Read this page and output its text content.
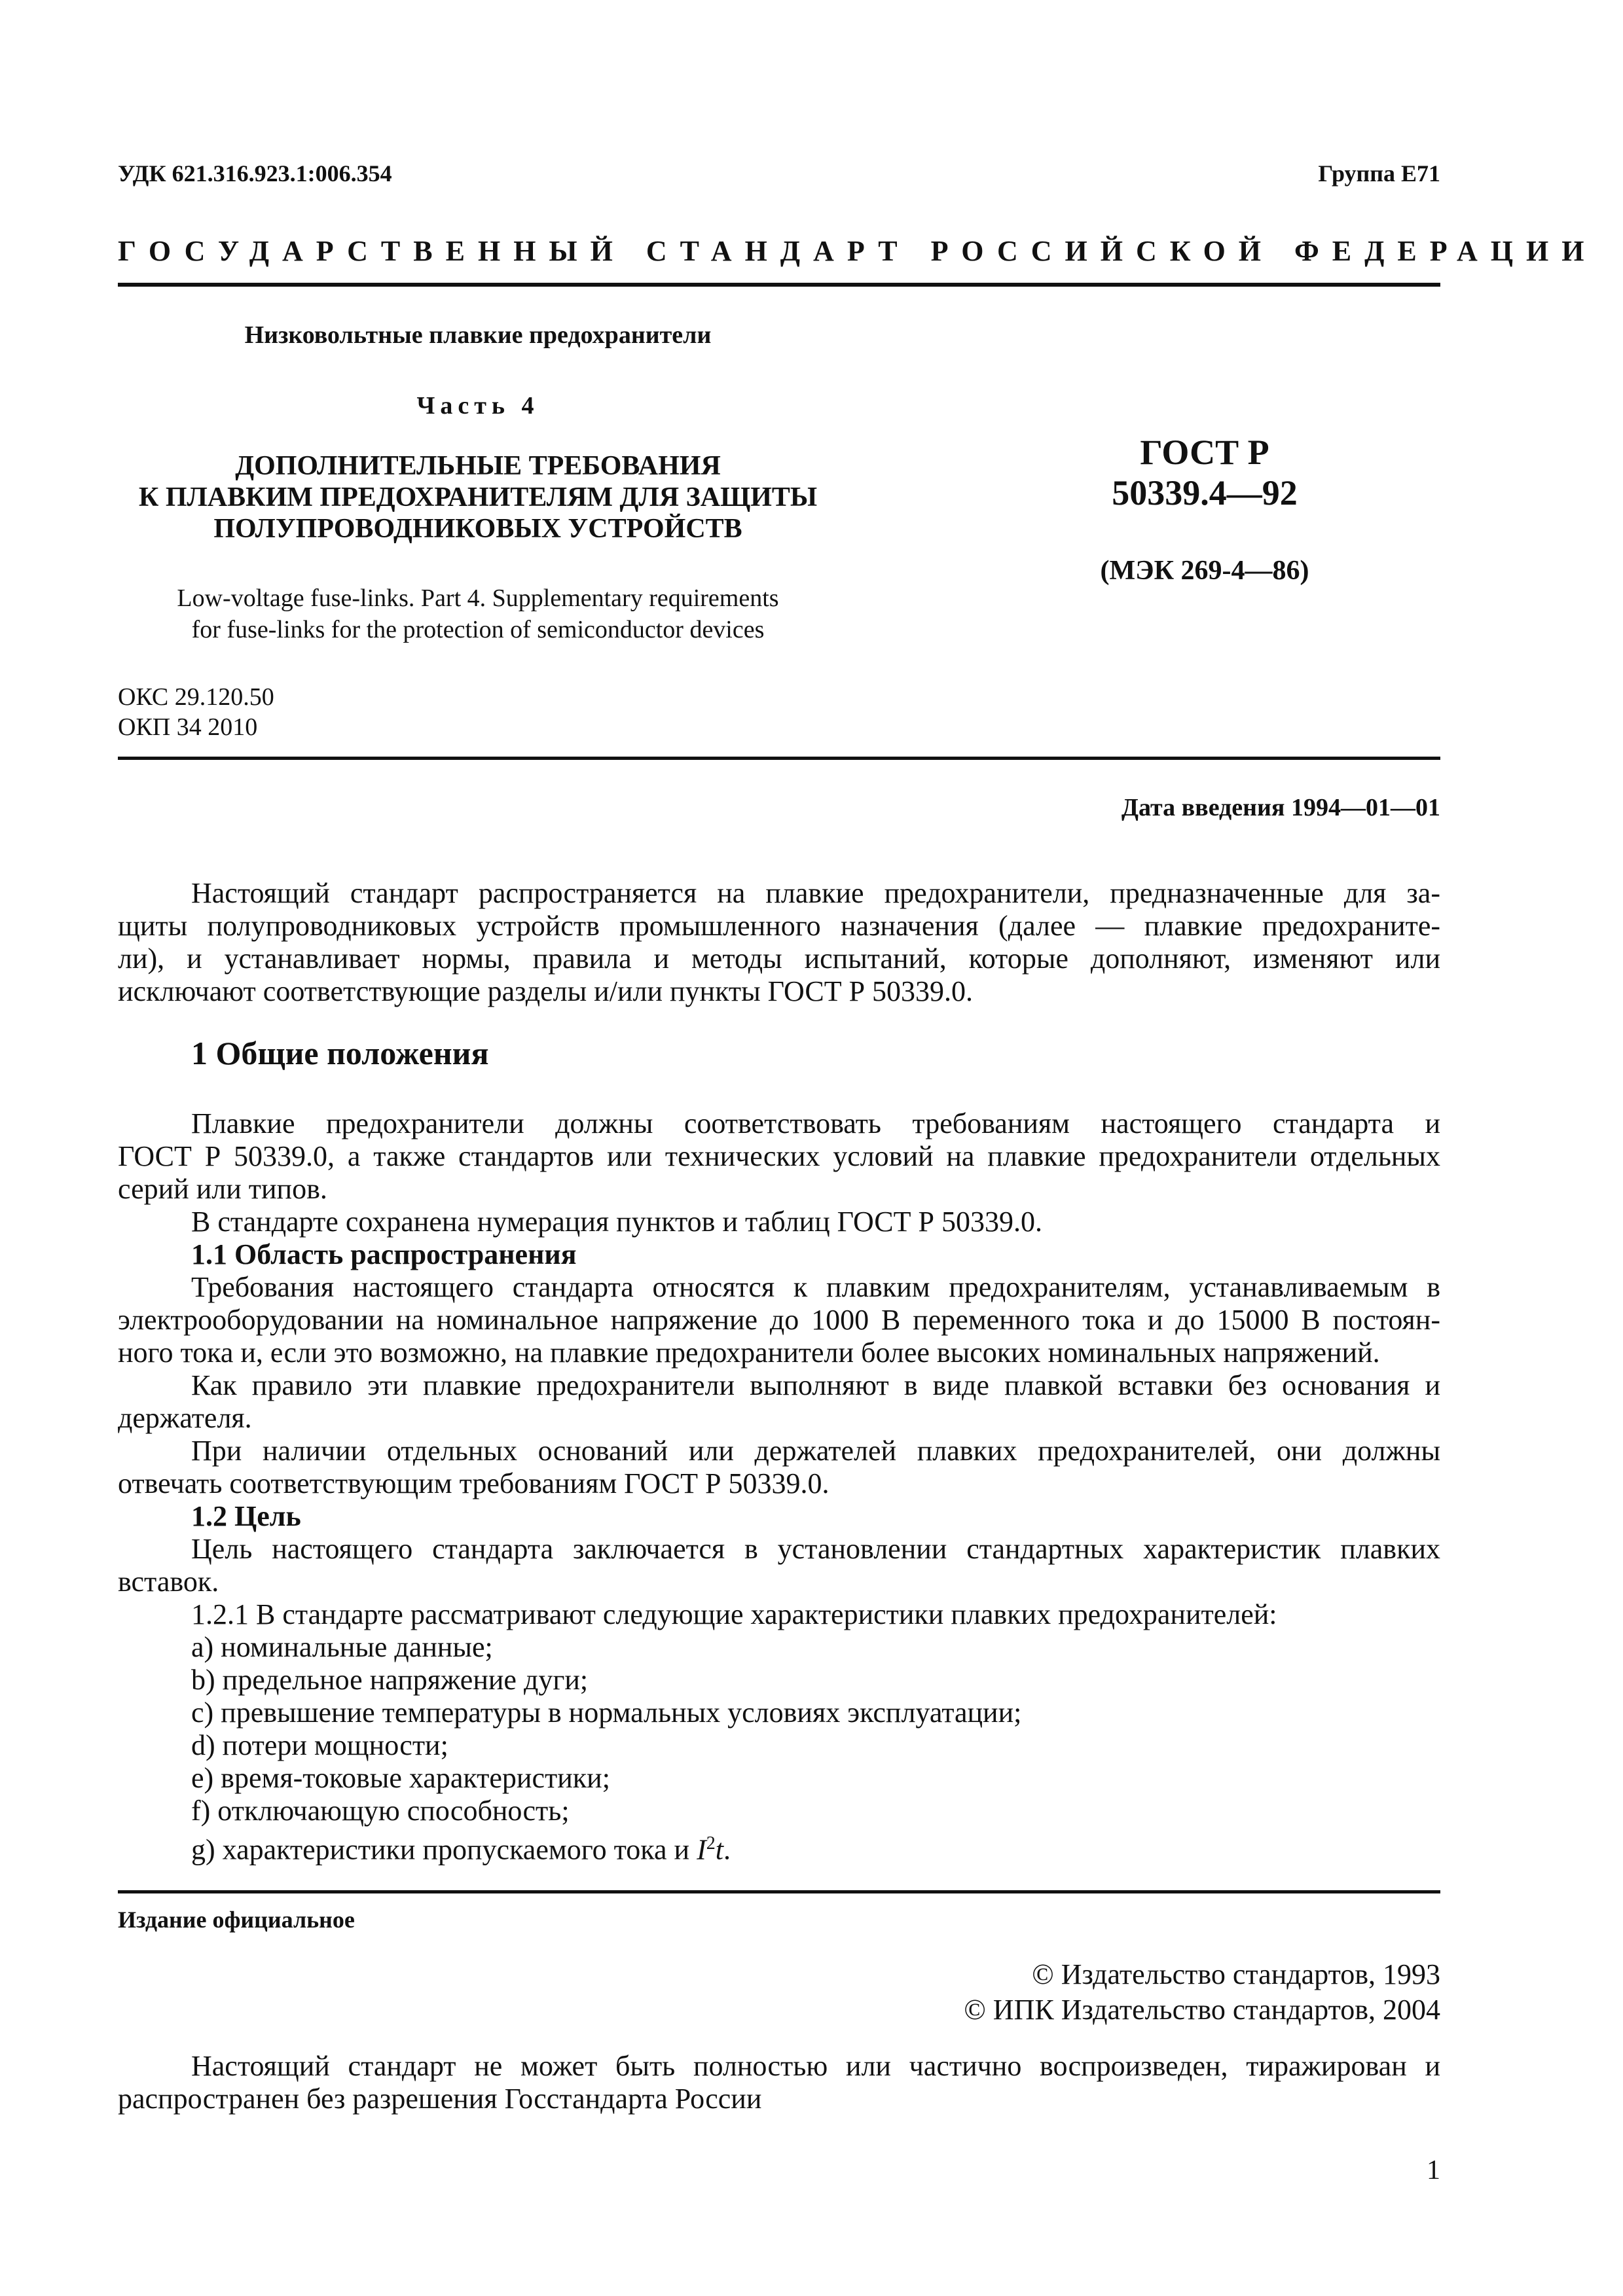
УДК 621.316.923.1:006.354	Группа Е71
ГОСУДАРСТВЕННЫЙ СТАНДАРТ РОССИЙСКОЙ ФЕДЕРАЦИИ
Низковольтные плавкие предохранители
Часть 4
ДОПОЛНИТЕЛЬНЫЕ ТРЕБОВАНИЯ
К ПЛАВКИМ ПРЕДОХРАНИТЕЛЯМ ДЛЯ ЗАЩИТЫ
ПОЛУПРОВОДНИКОВЫХ УСТРОЙСТВ
Low-voltage fuse-links. Part 4. Supplementary requirements
for fuse-links for the protection of semiconductor devices
ГОСТ Р
50339.4—92
(МЭК 269-4—86)
ОКС 29.120.50
ОКП 34 2010
Дата введения 1994—01—01
Настоящий стандарт распространяется на плавкие предохранители, предназначенные для за-
щиты полупроводниковых устройств промышленного назначения (далее — плавкие предохраните-
ли), и устанавливает нормы, правила и методы испытаний, которые дополняют, изменяют или
исключают соответствующие разделы и/или пункты ГОСТ Р 50339.0.
1 Общие положения
Плавкие предохранители должны соответствовать требованиям настоящего стандарта и
ГОСТ Р 50339.0, а также стандартов или технических условий на плавкие предохранители отдельных
серий или типов.
В стандарте сохранена нумерация пунктов и таблиц ГОСТ Р 50339.0.
1.1 Область распространения
Требования настоящего стандарта относятся к плавким предохранителям, устанавливаемым в
электрооборудовании на номинальное напряжение до 1000 В переменного тока и до 15000 В постоян-
ного тока и, если это возможно, на плавкие предохранители более высоких номинальных напряжений.
Как правило эти плавкие предохранители выполняют в виде плавкой вставки без основания и
держателя.
При наличии отдельных оснований или держателей плавких предохранителей, они должны
отвечать соответствующим требованиям ГОСТ Р 50339.0.
1.2 Цель
Цель настоящего стандарта заключается в установлении стандартных характеристик плавких
вставок.
1.2.1 В стандарте рассматривают следующие характеристики плавких предохранителей:
a) номинальные данные;
b) предельное напряжение дуги;
c) превышение температуры в нормальных условиях эксплуатации;
d) потери мощности;
e) время-токовые характеристики;
f) отключающую способность;
g) характеристики пропускаемого тока и $I^2t$.
Издание официальное
© Издательство стандартов, 1993
© ИПК Издательство стандартов, 2004
Настоящий стандарт не может быть полностью или частично воспроизведен, тиражирован и
распространен без разрешения Госстандарта России
1
